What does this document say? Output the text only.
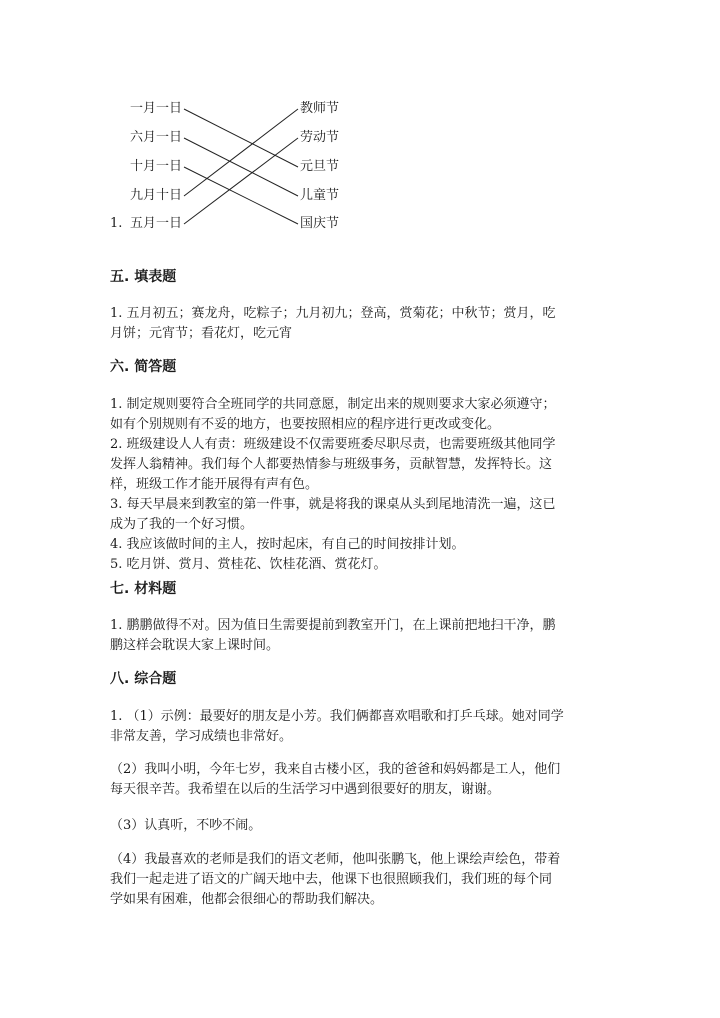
一月一日
六月一日
十月一日
九月十日
五月一日
教师节
劳动节
元旦节
儿童节
国庆节
1.
五. 填表题
1. 五月初五；赛龙舟，吃粽子；九月初九；登高，赏菊花；中秋节；赏月，吃
月饼；元宵节；看花灯，吃元宵
六. 简答题
1. 制定规则要符合全班同学的共同意愿，制定出来的规则要求大家必须遵守；
如有个别规则有不妥的地方，也要按照相应的程序进行更改或变化。
2. 班级建设人人有责：班级建设不仅需要班委尽职尽责，也需要班级其他同学
发挥人翁精神。我们每个人都要热情参与班级事务，贡献智慧，发挥特长。这
样，班级工作才能开展得有声有色。
3. 每天早晨来到教室的第一件事，就是将我的课桌从头到尾地清洗一遍，这已
成为了我的一个好习惯。
4. 我应该做时间的主人，按时起床，有自己的时间按排计划。
5. 吃月饼、赏月、赏桂花、饮桂花酒、赏花灯。
七. 材料题
1. 鹏鹏做得不对。因为值日生需要提前到教室开门，在上课前把地扫干净，鹏
鹏这样会耽误大家上课时间。
八. 综合题
1. （1）示例：最要好的朋友是小芳。我们俩都喜欢唱歌和打乒乓球。她对同学
非常友善，学习成绩也非常好。
（2）我叫小明，今年七岁，我来自古楼小区，我的爸爸和妈妈都是工人，他们
每天很辛苦。我希望在以后的生活学习中遇到很要好的朋友，谢谢。
（3）认真听，不吵不闹。
（4）我最喜欢的老师是我们的语文老师，他叫张鹏飞，他上课绘声绘色，带着
我们一起走进了语文的广阔天地中去，他课下也很照顾我们，我们班的每个同
学如果有困难，他都会很细心的帮助我们解决。
